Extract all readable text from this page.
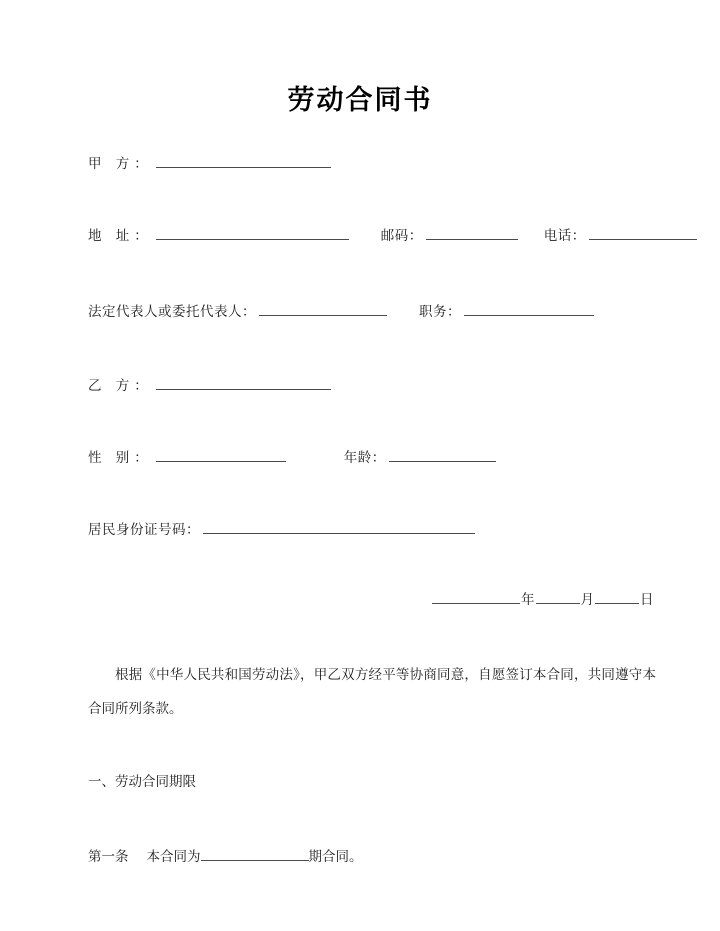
劳动合同书
甲 方：
地 址：	邮码：	电话：
法定代表人或委托代表人：	职务：
乙 方：
性 别：	年龄：
居民身份证号码：
年	月	日
根据《中华人民共和国劳动法》，甲乙双方经平等协商同意，自愿签订本合同，共同遵守本合同所列条款。
一、劳动合同期限
第一条 本合同为	期合同。
